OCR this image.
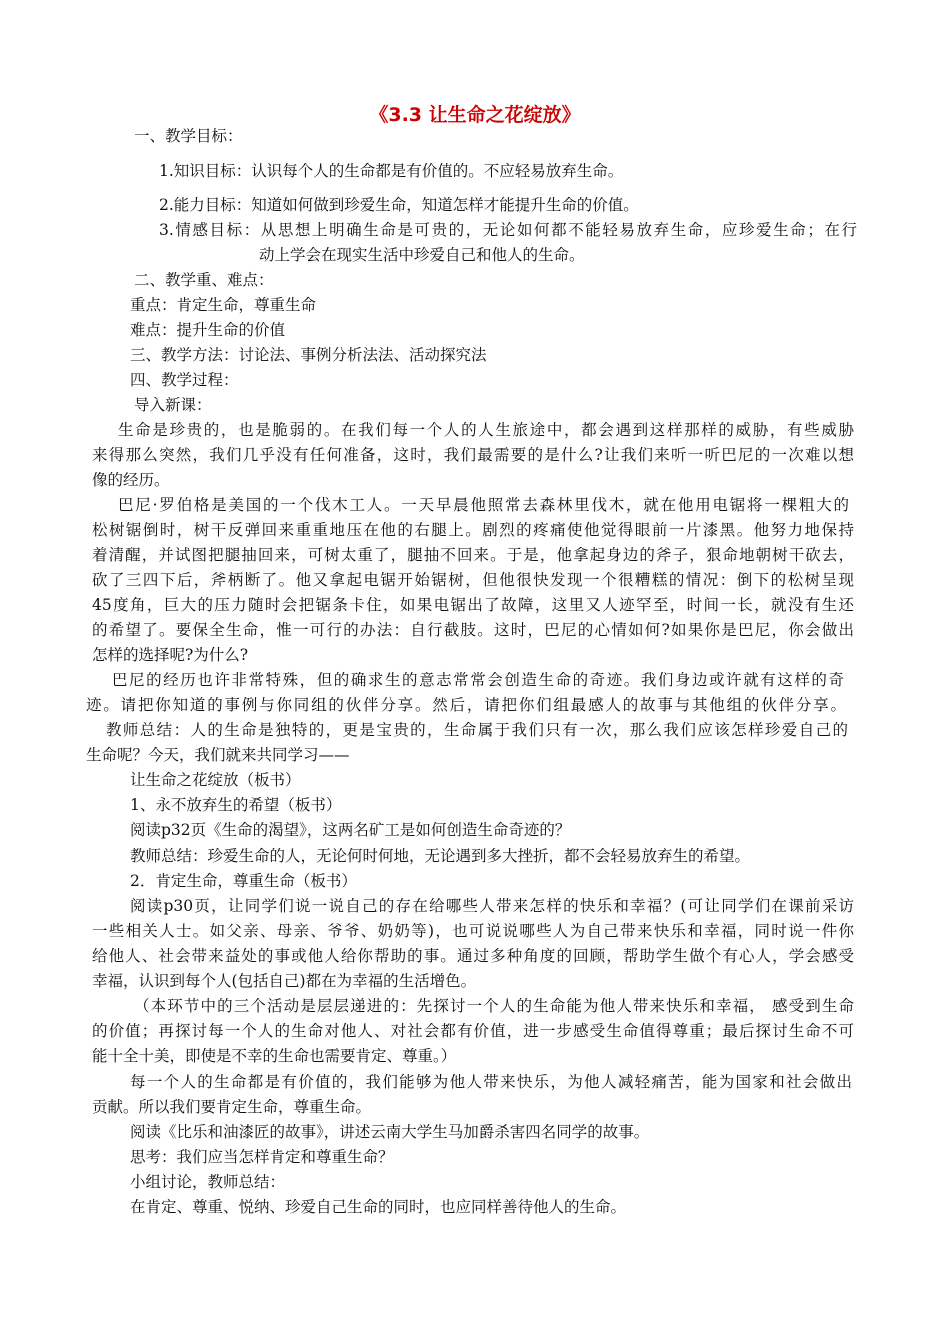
《3.3 让生命之花绽放》
一、教学目标：
1.知识目标：认识每个人的生命都是有价值的。不应轻易放弃生命。
2.能力目标：知道如何做到珍爱生命，知道怎样才能提升生命的价值。
3.情感目标：从思想上明确生命是可贵的，无论如何都不能轻易放弃生命，应珍爱生命；在行
动上学会在现实生活中珍爱自己和他人的生命。
二、教学重、难点：
重点：肯定生命，尊重生命
难点：提升生命的价值
三、教学方法：讨论法、事例分析法法、活动探究法
四、教学过程：
导入新课：
生命是珍贵的，也是脆弱的。在我们每一个人的人生旅途中，都会遇到这样那样的威胁，有些威胁
来得那么突然，我们几乎没有任何准备，这时，我们最需要的是什么?让我们来听一听巴尼的一次难以想
像的经历。
巴尼·罗伯格是美国的一个伐木工人。一天早晨他照常去森林里伐木，就在他用电锯将一棵粗大的
松树锯倒时，树干反弹回来重重地压在他的右腿上。剧烈的疼痛使他觉得眼前一片漆黑。他努力地保持
着清醒，并试图把腿抽回来，可树太重了，腿抽不回来。于是，他拿起身边的斧子，狠命地朝树干砍去，
砍了三四下后，斧柄断了。他又拿起电锯开始锯树，但他很快发现一个很糟糕的情况：倒下的松树呈现
45度角，巨大的压力随时会把锯条卡住，如果电锯出了故障，这里又人迹罕至，时间一长，就没有生还
的希望了。要保全生命，惟一可行的办法：自行截肢。这时，巴尼的心情如何?如果你是巴尼，你会做出
怎样的选择呢?为什么?
巴尼的经历也许非常特殊，但的确求生的意志常常会创造生命的奇迹。我们身边或许就有这样的奇
迹。请把你知道的事例与你同组的伙伴分享。然后，请把你们组最感人的故事与其他组的伙伴分享。
教师总结：人的生命是独特的，更是宝贵的，生命属于我们只有一次，那么我们应该怎样珍爱自己的
生命呢？今天，我们就来共同学习——
让生命之花绽放（板书）
1、永不放弃生的希望（板书）
阅读p32页《生命的渴望》，这两名矿工是如何创造生命奇迹的？
教师总结：珍爱生命的人，无论何时何地，无论遇到多大挫折，都不会轻易放弃生的希望。
2．肯定生命，尊重生命（板书）
阅读p30页，让同学们说一说自己的存在给哪些人带来怎样的快乐和幸福？(可让同学们在课前采访
一些相关人士。如父亲、母亲、爷爷、奶奶等)，也可说说哪些人为自己带来快乐和幸福，同时说一件你
给他人、社会带来益处的事或他人给你帮助的事。通过多种角度的回顾，帮助学生做个有心人，学会感受
幸福，认识到每个人(包括自己)都在为幸福的生活增色。
（本环节中的三个活动是层层递进的：先探讨一个人的生命能为他人带来快乐和幸福， 感受到生命
的价值；再探讨每一个人的生命对他人、对社会都有价值，进一步感受生命值得尊重；最后探讨生命不可
能十全十美，即使是不幸的生命也需要肯定、尊重。）
每一个人的生命都是有价值的，我们能够为他人带来快乐，为他人减轻痛苦，能为国家和社会做出
贡献。所以我们要肯定生命，尊重生命。
阅读《比乐和油漆匠的故事》，讲述云南大学生马加爵杀害四名同学的故事。
思考：我们应当怎样肯定和尊重生命？
小组讨论，教师总结：
在肯定、尊重、悦纳、珍爱自己生命的同时，也应同样善待他人的生命。
